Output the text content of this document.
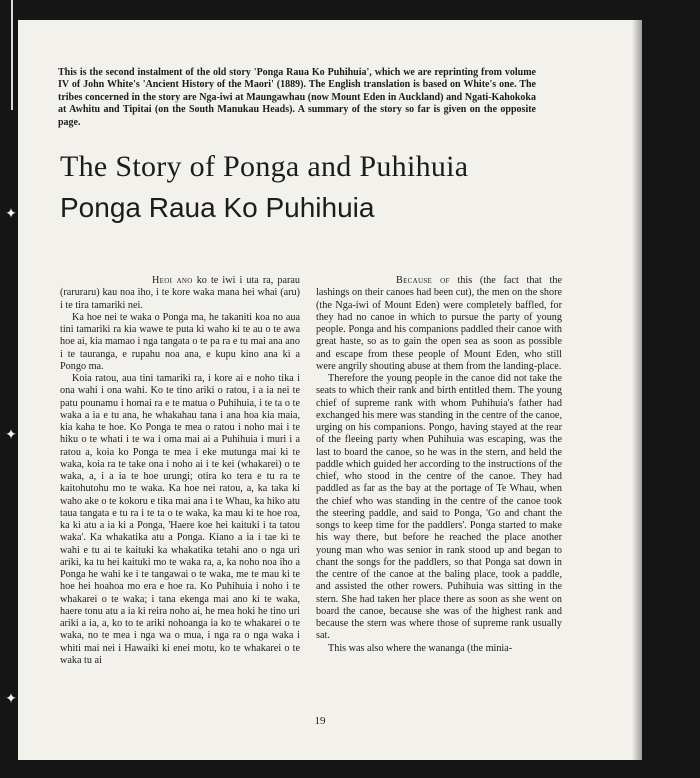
This is the second instalment of the old story 'Ponga Raua Ko Puhihuia', which we are reprinting from volume IV of John White's 'Ancient History of the Maori' (1889). The English translation is based on White's one. The tribes concerned in the story are Nga-iwi at Maungawhau (now Mount Eden in Auckland) and Ngati-Kahokoka at Awhitu and Tipitai (on the South Manukau Heads). A summary of the story so far is given on the opposite page.

The Story of Ponga and Puhihuia
Ponga Raua Ko Puhihuia

Heoi ano ko te iwi i uta ra, parau (raruraru) kau noa iho, i te kore waka mana hei whai (aru) i te tira tamariki nei.

Ka hoe nei te waka o Ponga ma, he takaniti koa no aua tini tamariki ra kia wawe te puta ki waho ki te au o te awa hoe ai, kia mamao i nga tangata o te pa ra e tu mai ana ano i te tauranga, e rupahu noa ana, e kupu kino ana ki a Pongo ma.

Koia ratou, aua tini tamariki ra, i kore ai e noho tika i ona wahi i ona wahi. Ko te tino ariki o ratou, i a ia nei te patu pounamu i homai ra e te matua o Puhihuia, i te ta o te waka a ia e tu ana, he whakahau tana i ana hoa kia maia, kia kaha te hoe. Ko Ponga te mea o ratou i noho mai i te hiku o te whati i te wa i oma mai ai a Puhihuia i muri i a ratou a, koia ko Ponga te mea i eke mutunga mai ki te waka, koia ra te take ona i noho ai i te kei (whakarei) o te waka, a, i a ia te hoe urungi; otira ko tera e tu ra te kaitohutohu mo te waka. Ka hoe nei ratou, a, ka taka ki waho ake o te kokoru e tika mai ana i te Whau, ka hiko atu taua tangata e tu ra i te ta o te waka, ka mau ki te hoe roa, ka ki atu a ia ki a Ponga, 'Haere koe hei kaituki i ta tatou waka'. Ka whakatika atu a Ponga. Kiano a ia i tae ki te wahi e tu ai te kaituki ka whakatika tetahi ano o nga uri ariki, ka tu hei kaituki mo te waka ra, a, ka noho noa iho a Ponga he wahi ke i te tangawai o te waka, me te mau ki te hoe hei hoahoa mo era e hoe ra. Ko Puhihuia i noho i te whakarei o te waka; i tana ekenga mai ano ki te waka, haere tonu atu a ia ki reira noho ai, he mea hoki he tino uri ariki a ia, a, ko to te ariki nohoanga ia ko te whakarei o te waka, no te mea i nga wa o mua, i nga ra o nga waka i whiti mai nei i Hawaiki ki enei motu, ko te whakarei o te waka tu ai

Because of this (the fact that the lashings on their canoes had been cut), the men on the shore (the Nga-iwi of Mount Eden) were completely baffled, for they had no canoe in which to pursue the party of young people. Ponga and his companions paddled their canoe with great haste, so as to gain the open sea as soon as possible and escape from these people of Mount Eden, who still were angrily shouting abuse at them from the landing-place.

Therefore the young people in the canoe did not take the seats to which their rank and birth entitled them. The young chief of supreme rank with whom Puhihuia's father had exchanged his mere was standing in the centre of the canoe, urging on his companions. Pongo, having stayed at the rear of the fleeing party when Puhihuia was escaping, was the last to board the canoe, so he was in the stern, and held the paddle which guided her according to the instructions of the chief, who stood in the centre of the canoe. They had paddled as far as the bay at the portage of Te Whau, when the chief who was standing in the centre of the canoe took the steering paddle, and said to Ponga, 'Go and chant the songs to keep time for the paddlers'. Ponga started to make his way there, but before he reached the place another young man who was senior in rank stood up and began to chant the songs for the paddlers, so that Ponga sat down in the centre of the canoe at the baling place, took a paddle, and assisted the other rowers. Puhihuia was sitting in the stern. She had taken her place there as soon as she went on board the canoe, because she was of the highest rank and because the stern was where those of supreme rank usually sat.

This was also where the wananga (the minia-

19

✦
✦
✦
